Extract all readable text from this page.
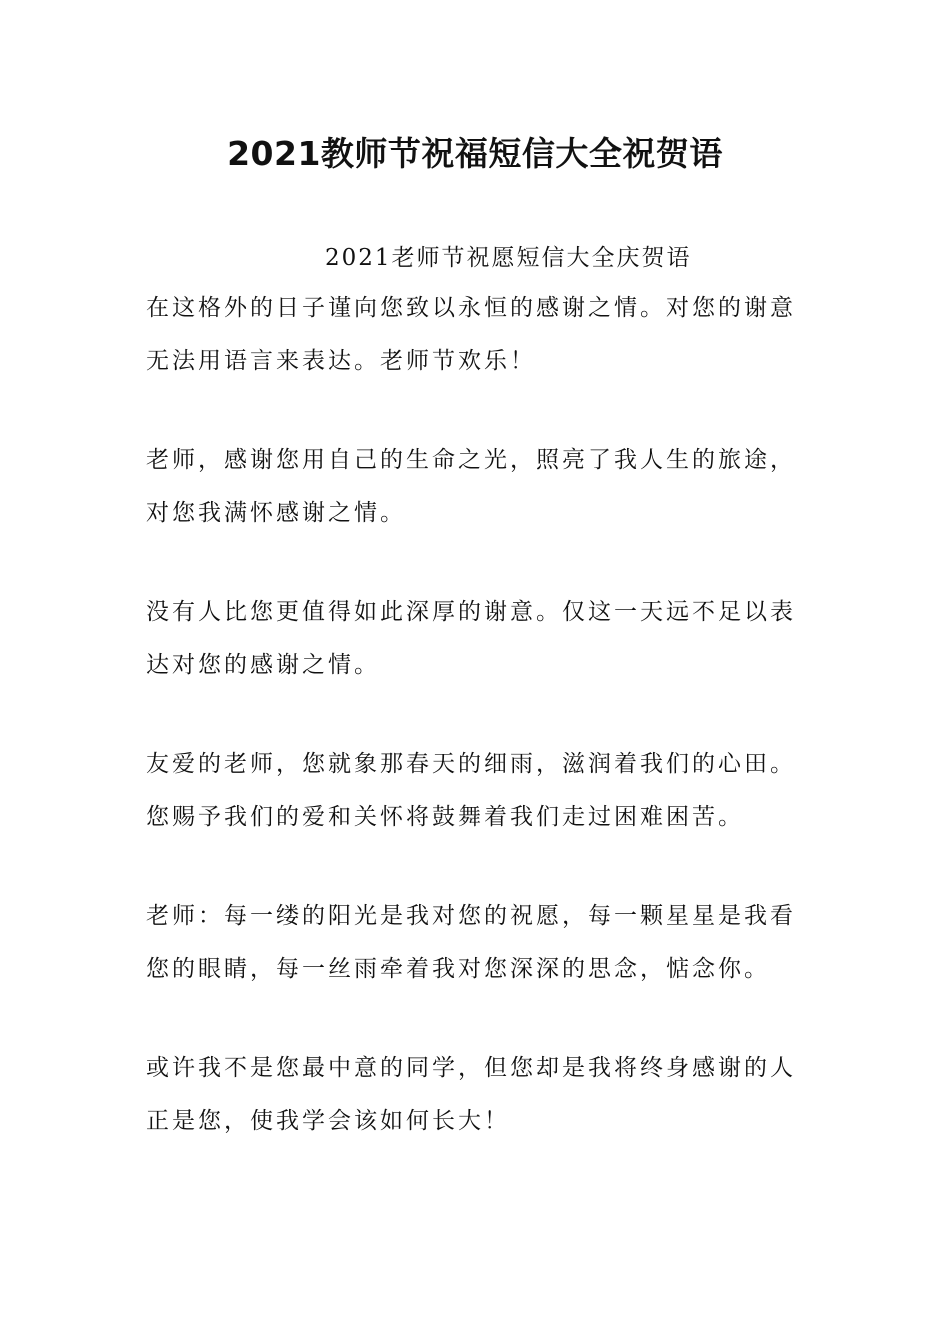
2021教师节祝福短信大全祝贺语

2021老师节祝愿短信大全庆贺语

在这格外的日子谨向您致以永恒的感谢之情。对您的谢意
无法用语言来表达。老师节欢乐！

老师，感谢您用自己的生命之光，照亮了我人生的旅途，
对您我满怀感谢之情。

没有人比您更值得如此深厚的谢意。仅这一天远不足以表
达对您的感谢之情。

友爱的老师，您就象那春天的细雨，滋润着我们的心田。
您赐予我们的爱和关怀将鼓舞着我们走过困难困苦。

老师：每一缕的阳光是我对您的祝愿，每一颗星星是我看
您的眼睛，每一丝雨牵着我对您深深的思念，惦念你。

或许我不是您最中意的同学，但您却是我将终身感谢的人
正是您，使我学会该如何长大！
